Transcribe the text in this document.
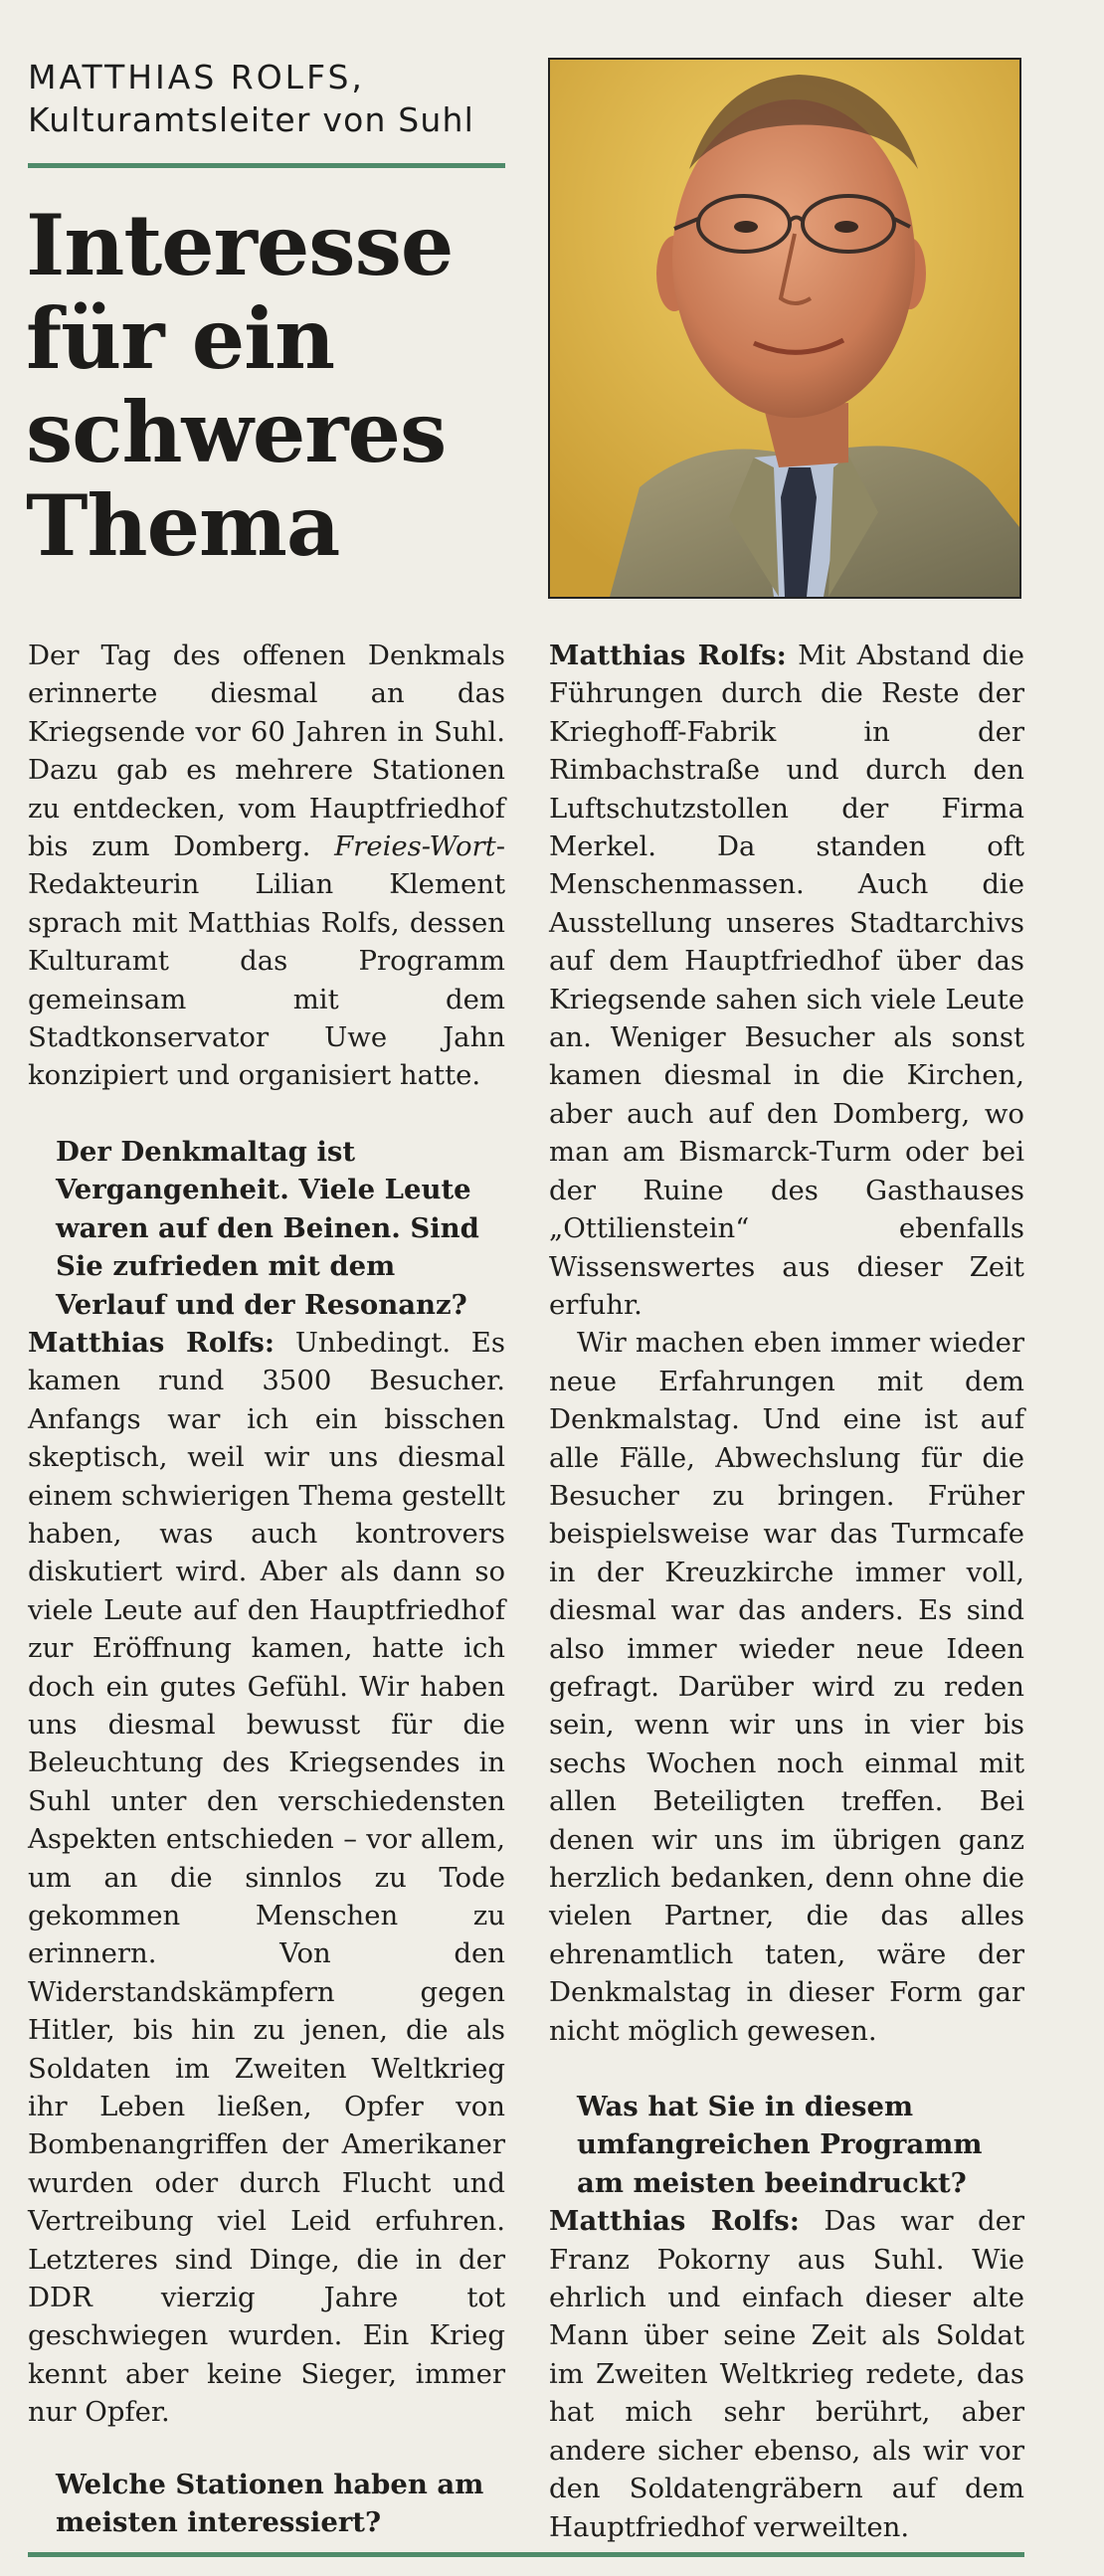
MATTHIAS ROLFS,
Kulturamtsleiter von Suhl
Interesse
für ein
schweres
Thema

Der Tag des offenen Denkmals erinnerte diesmal an das Kriegsende vor 60 Jahren in Suhl. Dazu gab es mehrere Stationen zu entdecken, vom Hauptfriedhof bis zum Domberg. Freies-Wort-Redakteurin Lilian Klement sprach mit Matthias Rolfs, dessen Kulturamt das Programm gemeinsam mit dem Stadtkonservator Uwe Jahn konzipiert und organisiert hatte.

Der Denkmaltag ist Vergangenheit. Viele Leute waren auf den Beinen. Sind Sie zufrieden mit dem Verlauf und der Resonanz?

Matthias Rolfs: Unbedingt. Es kamen rund 3500 Besucher. Anfangs war ich ein bisschen skeptisch, weil wir uns diesmal einem schwierigen Thema gestellt haben, was auch kontrovers diskutiert wird. Aber als dann so viele Leute auf den Hauptfriedhof zur Eröffnung kamen, hatte ich doch ein gutes Gefühl. Wir haben uns diesmal bewusst für die Beleuchtung des Kriegsendes in Suhl unter den verschiedensten Aspekten entschieden – vor allem, um an die sinnlos zu Tode gekommen Menschen zu erinnern. Von den Widerstandskämpfern gegen Hitler, bis hin zu jenen, die als Soldaten im Zweiten Weltkrieg ihr Leben ließen, Opfer von Bombenangriffen der Amerikaner wurden oder durch Flucht und Vertreibung viel Leid erfuhren. Letzteres sind Dinge, die in der DDR vierzig Jahre tot geschwiegen wurden. Ein Krieg kennt aber keine Sieger, immer nur Opfer.

Welche Stationen haben am meisten interessiert?

Matthias Rolfs: Mit Abstand die Führungen durch die Reste der Krieghoff-Fabrik in der Rimbachstraße und durch den Luftschutzstollen der Firma Merkel. Da standen oft Menschenmassen. Auch die Ausstellung unseres Stadtarchivs auf dem Hauptfriedhof über das Kriegsende sahen sich viele Leute an. Weniger Besucher als sonst kamen diesmal in die Kirchen, aber auch auf den Domberg, wo man am Bismarck-Turm oder bei der Ruine des Gasthauses „Ottilienstein“ ebenfalls Wissenswertes aus dieser Zeit erfuhr.

Wir machen eben immer wieder neue Erfahrungen mit dem Denkmalstag. Und eine ist auf alle Fälle, Abwechslung für die Besucher zu bringen. Früher beispielsweise war das Turmcafe in der Kreuzkirche immer voll, diesmal war das anders. Es sind also immer wieder neue Ideen gefragt. Darüber wird zu reden sein, wenn wir uns in vier bis sechs Wochen noch einmal mit allen Beteiligten treffen. Bei denen wir uns im übrigen ganz herzlich bedanken, denn ohne die vielen Partner, die das alles ehrenamtlich taten, wäre der Denkmalstag in dieser Form gar nicht möglich gewesen.

Was hat Sie in diesem umfangreichen Programm am meisten beeindruckt?

Matthias Rolfs: Das war der Franz Pokorny aus Suhl. Wie ehrlich und einfach dieser alte Mann über seine Zeit als Soldat im Zweiten Weltkrieg redete, das hat mich sehr berührt, aber andere sicher ebenso, als wir vor den Soldatengräbern auf dem Hauptfriedhof verweilten.
